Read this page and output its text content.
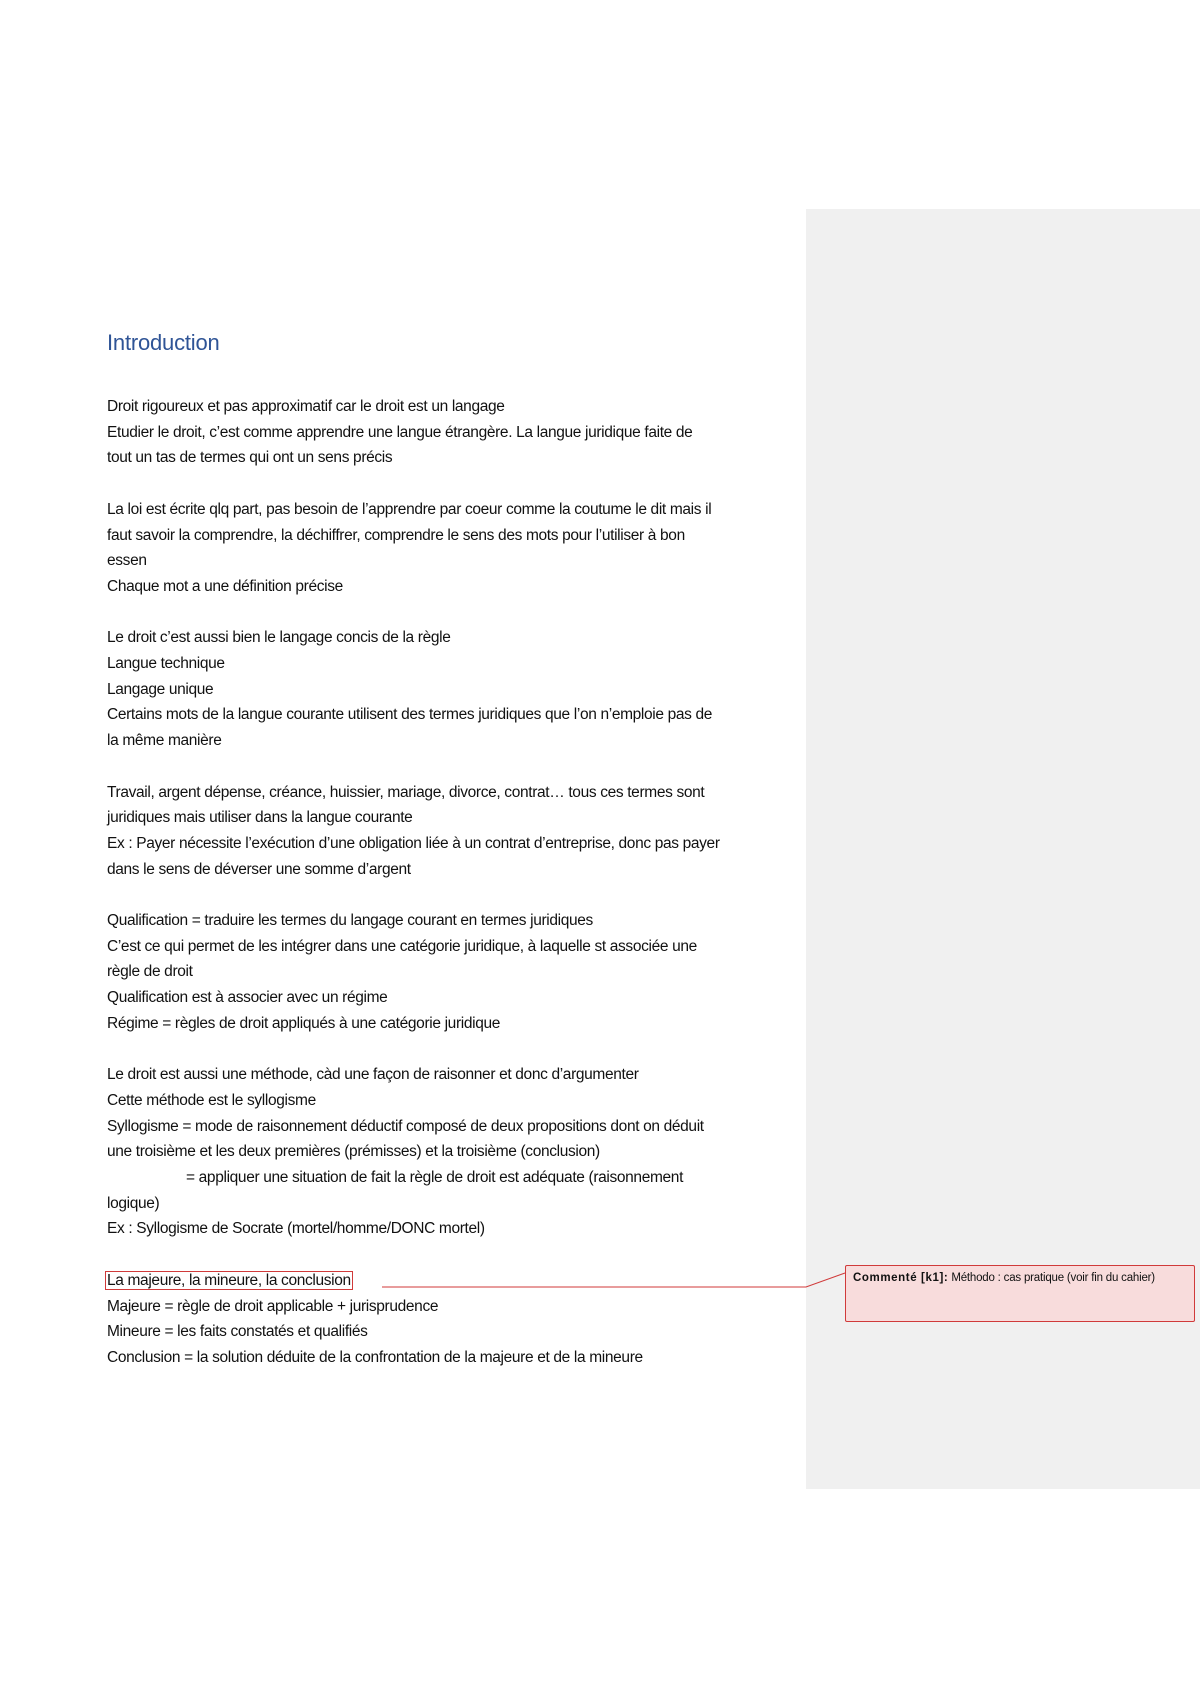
Introduction
Droit rigoureux et pas approximatif car le droit est un langage
Etudier le droit, c’est comme apprendre une langue étrangère. La langue juridique faite de
tout un tas de termes qui ont un sens précis
La loi est écrite qlq part, pas besoin de l’apprendre par coeur comme la coutume le dit mais il
faut savoir la comprendre, la déchiffrer, comprendre le sens des mots pour l’utiliser à bon
essen
Chaque mot a une définition précise
Le droit c’est aussi bien le langage concis de la règle
Langue technique
Langage unique
Certains mots de la langue courante utilisent des termes juridiques que l’on n’emploie pas de
la même manière
Travail, argent dépense, créance, huissier, mariage, divorce, contrat… tous ces termes sont
juridiques mais utiliser dans la langue courante
Ex : Payer nécessite l’exécution d’une obligation liée à un contrat d’entreprise, donc pas payer
dans le sens de déverser une somme d’argent
Qualification = traduire les termes du langage courant en termes juridiques
C’est ce qui permet de les intégrer dans une catégorie juridique, à laquelle st associée une
règle de droit
Qualification est à associer avec un régime
Régime = règles de droit appliqués à une catégorie juridique
Le droit est aussi une méthode, càd une façon de raisonner et donc d’argumenter
Cette méthode est le syllogisme
Syllogisme = mode de raisonnement déductif composé de deux propositions dont on déduit
une troisième et les deux premières (prémisses) et la troisième (conclusion)
= appliquer une situation de fait la règle de droit est adéquate (raisonnement
logique)
Ex : Syllogisme de Socrate (mortel/homme/DONC mortel)
La majeure, la mineure, la conclusion
Majeure = règle de droit applicable + jurisprudence
Mineure = les faits constatés et qualifiés
Conclusion = la solution déduite de la confrontation de la majeure et de la mineure
Commenté [k1]: Méthodo : cas pratique (voir fin du cahier)
